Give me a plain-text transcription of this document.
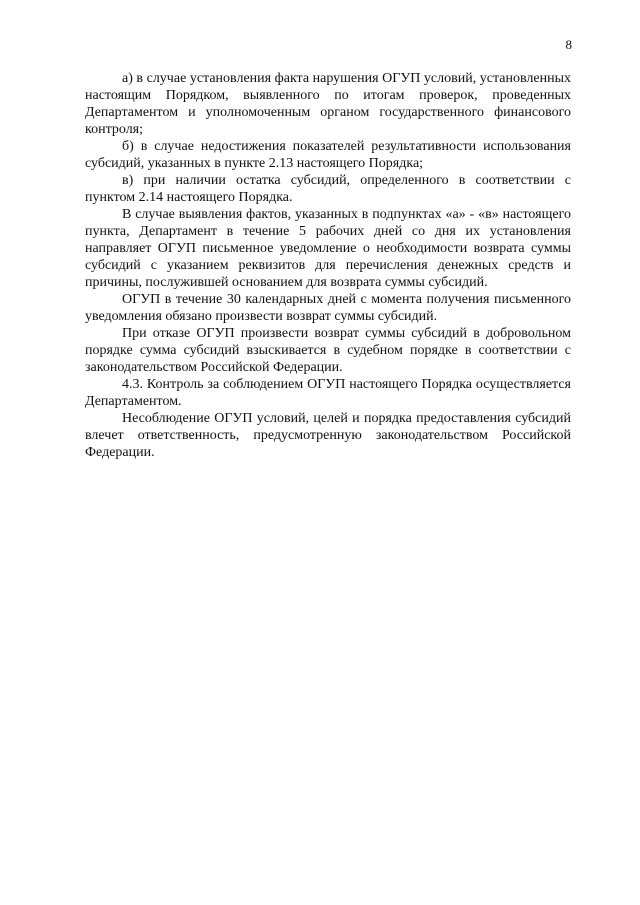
8

а) в случае установления факта нарушения ОГУП условий, установленных настоящим Порядком, выявленного по итогам проверок, проведенных Департаментом и уполномоченным органом государственного финансового контроля;

б) в случае недостижения показателей результативности использования субсидий, указанных в пункте 2.13 настоящего Порядка;

в) при наличии остатка субсидий, определенного в соответствии с пунктом 2.14 настоящего Порядка.

В случае выявления фактов, указанных в подпунктах «а» - «в» настоящего пункта, Департамент в течение 5 рабочих дней со дня их установления направляет ОГУП письменное уведомление о необходимости возврата суммы субсидий с указанием реквизитов для перечисления денежных средств и причины, послужившей основанием для возврата суммы субсидий.

ОГУП в течение 30 календарных дней с момента получения письменного уведомления обязано произвести возврат суммы субсидий.

При отказе ОГУП произвести возврат суммы субсидий в добровольном порядке сумма субсидий взыскивается в судебном порядке в соответствии с законодательством Российской Федерации.

4.3. Контроль за соблюдением ОГУП настоящего Порядка осуществляется Департаментом.

Несоблюдение ОГУП условий, целей и порядка предоставления субсидий влечет ответственность, предусмотренную законодательством Российской Федерации.
